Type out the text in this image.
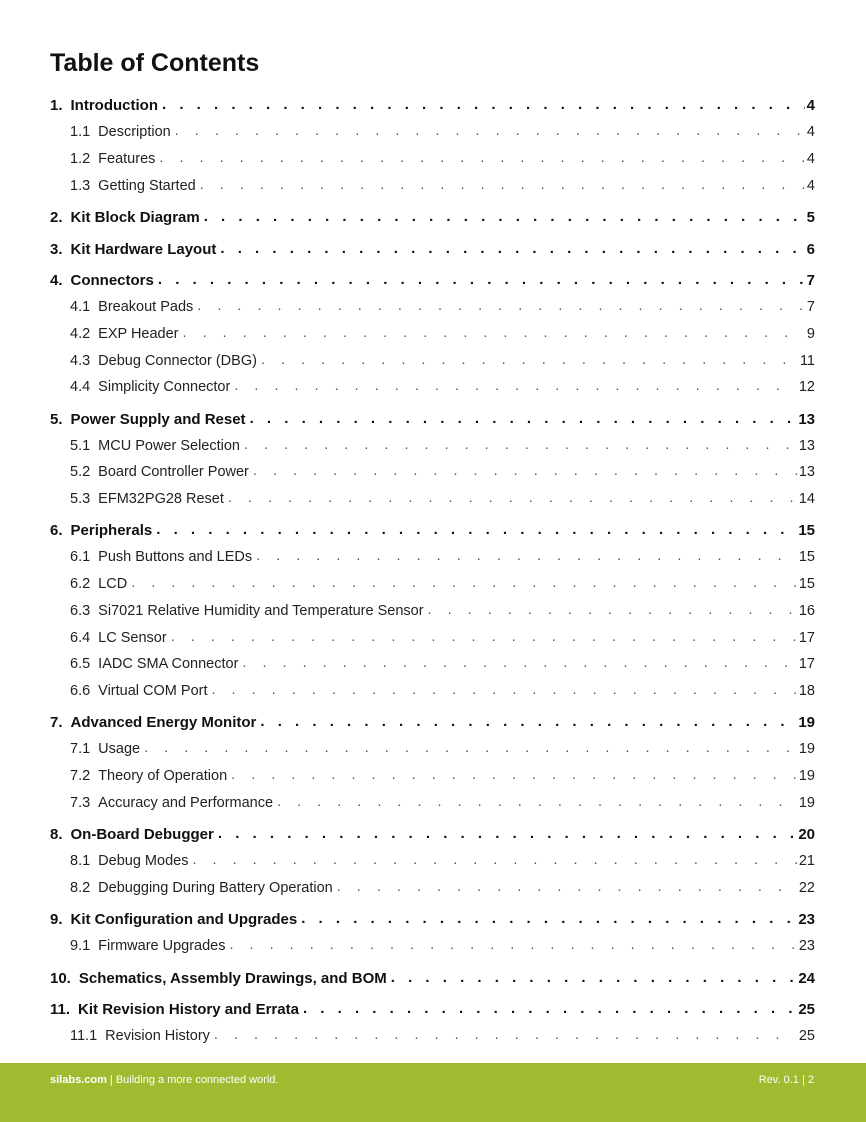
Table of Contents
1. Introduction . . .	4
1.1 Description . . .	4
1.2 Features . . .	4
1.3 Getting Started . . .	4
2. Kit Block Diagram . . .	5
3. Kit Hardware Layout . . .	6
4. Connectors . . .	7
4.1 Breakout Pads . . .	7
4.2 EXP Header . . .	9
4.3 Debug Connector (DBG) . . .	11
4.4 Simplicity Connector . . .	12
5. Power Supply and Reset . . .	13
5.1 MCU Power Selection . . .	13
5.2 Board Controller Power . . .	13
5.3 EFM32PG28 Reset . . .	14
6. Peripherals . . .	15
6.1 Push Buttons and LEDs . . .	15
6.2 LCD . . .	15
6.3 Si7021 Relative Humidity and Temperature Sensor . . .	16
6.4 LC Sensor . . .	17
6.5 IADC SMA Connector . . .	17
6.6 Virtual COM Port . . .	18
7. Advanced Energy Monitor . . .	19
7.1 Usage . . .	19
7.2 Theory of Operation . . .	19
7.3 Accuracy and Performance . . .	19
8. On-Board Debugger . . .	20
8.1 Debug Modes . . .	21
8.2 Debugging During Battery Operation . . .	22
9. Kit Configuration and Upgrades . . .	23
9.1 Firmware Upgrades . . .	23
10. Schematics, Assembly Drawings, and BOM . . .	24
11. Kit Revision History and Errata . . .	25
11.1 Revision History . . .	25
silabs.com | Building a more connected world.	Rev. 0.1 | 2
